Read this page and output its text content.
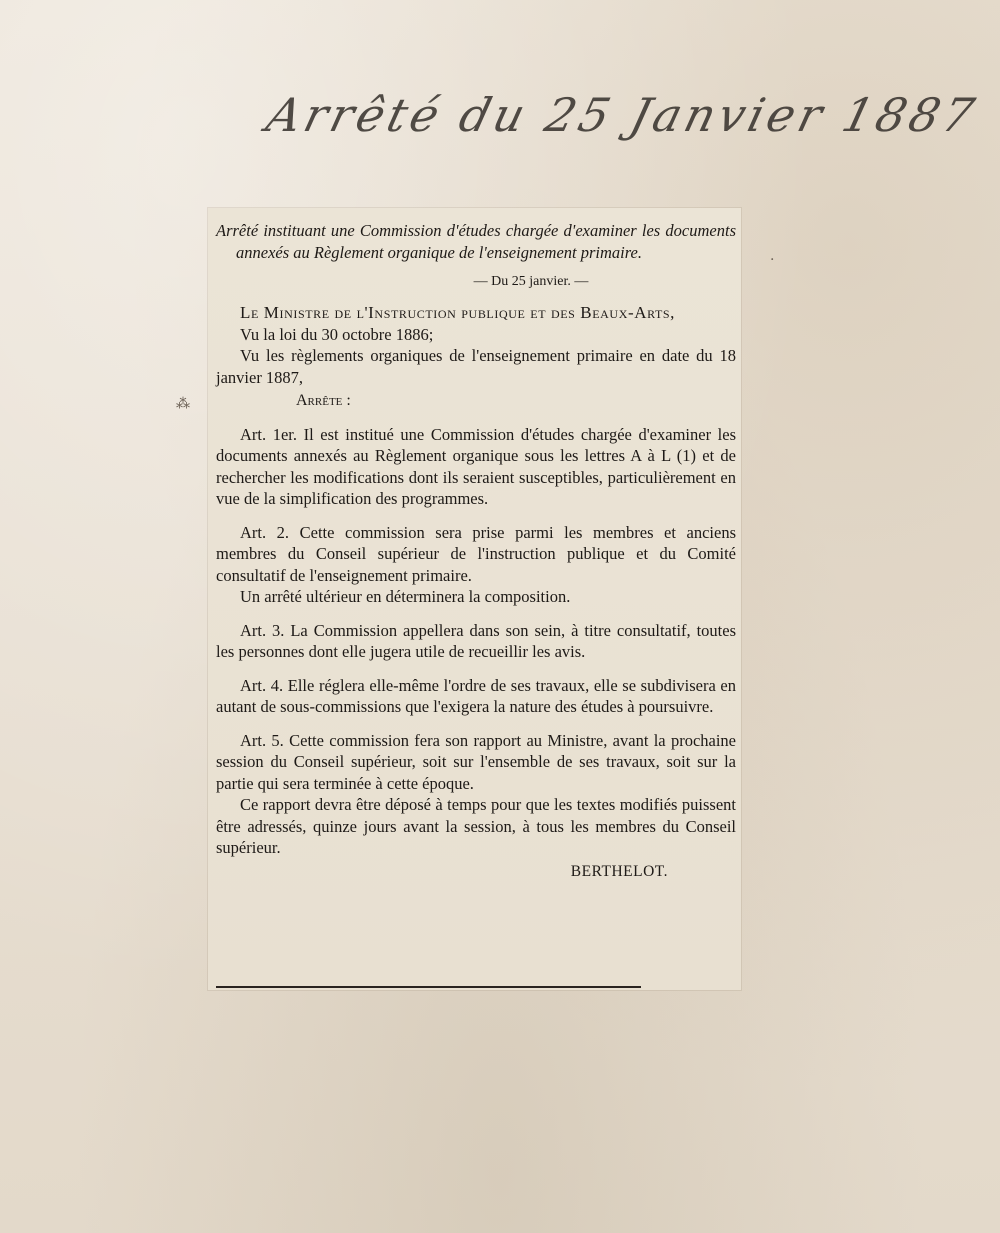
Arrêté du 25 Janvier 1887

Arrêté instituant une Commission d'études chargée d'examiner les documents annexés au Règlement organique de l'enseignement primaire.

— Du 25 janvier. —

Le Ministre de l'Instruction publique et des Beaux-Arts,

Vu la loi du 30 octobre 1886;

Vu les règlements organiques de l'enseignement primaire en date du 18 janvier 1887,

Arrête :

Art. 1er. Il est institué une Commission d'études chargée d'examiner les documents annexés au Règlement organique sous les lettres A à L (1) et de rechercher les modifications dont ils seraient susceptibles, particulièrement en vue de la simplification des programmes.

Art. 2. Cette commission sera prise parmi les membres et anciens membres du Conseil supérieur de l'instruction publique et du Comité consultatif de l'enseignement primaire.

Un arrêté ultérieur en déterminera la composition.

Art. 3. La Commission appellera dans son sein, à titre consultatif, toutes les personnes dont elle jugera utile de recueillir les avis.

Art. 4. Elle réglera elle-même l'ordre de ses travaux, elle se subdivisera en autant de sous-commissions que l'exigera la nature des études à poursuivre.

Art. 5. Cette commission fera son rapport au Ministre, avant la prochaine session du Conseil supérieur, soit sur l'ensemble de ses travaux, soit sur la partie qui sera terminée à cette époque.

Ce rapport devra être déposé à temps pour que les textes modifiés puissent être adressés, quinze jours avant la session, à tous les membres du Conseil supérieur.

BERTHELOT.

⁂
·
